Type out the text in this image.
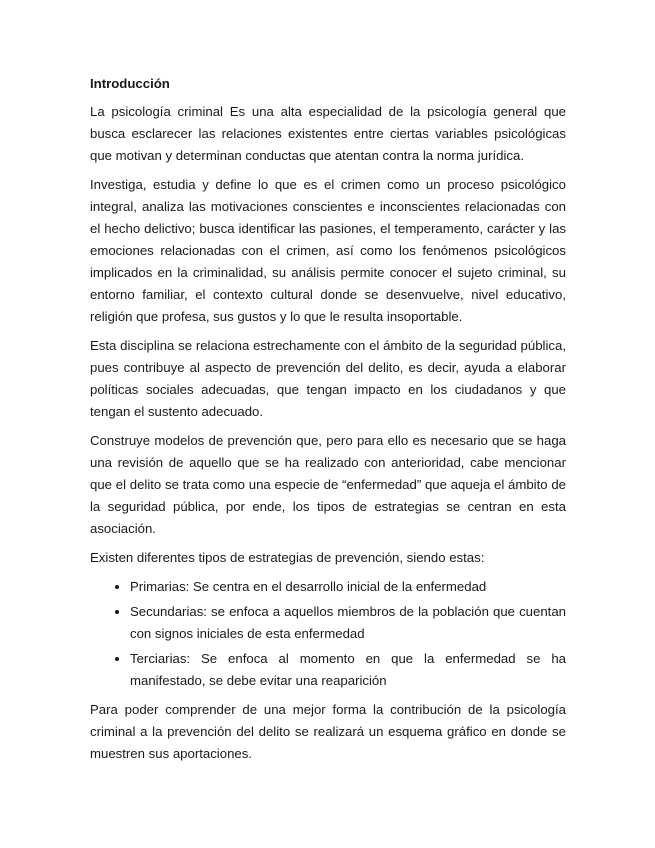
Introducción

La psicología criminal Es una alta especialidad de la psicología general que busca esclarecer las relaciones existentes entre ciertas variables psicológicas que motivan y determinan conductas que atentan contra la norma jurídica.

Investiga, estudia y define lo que es el crimen como un proceso psicológico integral, analiza las motivaciones conscientes e inconscientes relacionadas con el hecho delictivo; busca identificar las pasiones, el temperamento, carácter y las emociones relacionadas con el crimen, así como los fenómenos psicológicos implicados en la criminalidad, su análisis permite conocer el sujeto criminal, su entorno familiar, el contexto cultural donde se desenvuelve, nivel educativo, religión que profesa, sus gustos y lo que le resulta insoportable.

Esta disciplina se relaciona estrechamente con el ámbito de la seguridad pública, pues contribuye al aspecto de prevención del delito, es decir, ayuda a elaborar políticas sociales adecuadas, que tengan impacto en los ciudadanos y que tengan el sustento adecuado.

Construye modelos de prevención que, pero para ello es necesario que se haga una revisión de aquello que se ha realizado con anterioridad, cabe mencionar que el delito se trata como una especie de “enfermedad” que aqueja el ámbito de la seguridad pública, por ende, los tipos de estrategias se centran en esta asociación.

Existen diferentes tipos de estrategias de prevención, siendo estas:

• Primarias: Se centra en el desarrollo inicial de la enfermedad
• Secundarias: se enfoca a aquellos miembros de la población que cuentan con signos iniciales de esta enfermedad
• Terciarias: Se enfoca al momento en que la enfermedad se ha manifestado, se debe evitar una reaparición

Para poder comprender de una mejor forma la contribución de la psicología criminal a la prevención del delito se realizará un esquema gráfico en donde se muestren sus aportaciones.
